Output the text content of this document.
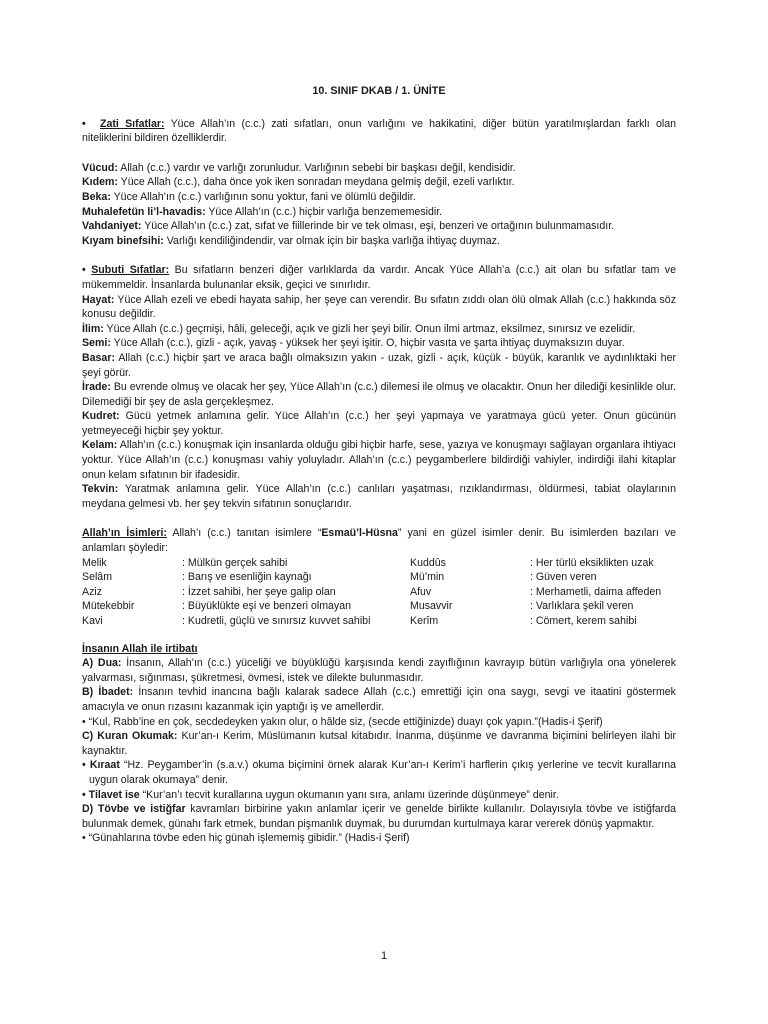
10. SINIF DKAB / 1. ÜNİTE

• Zati Sıfatlar: Yüce Allah’ın (c.c.) zati sıfatları, onun varlığını ve hakikatini, diğer bütün yaratılmışlardan farklı olan niteliklerini bildiren özelliklerdir.

Vücud: Allah (c.c.) vardır ve varlığı zorunludur. Varlığının sebebi bir başkası değil, kendisidir.

Kıdem: Yüce Allah (c.c.), daha önce yok iken sonradan meydana gelmiş değil, ezeli varlıktır.

Beka: Yüce Allah’ın (c.c.) varlığının sonu yoktur, fani ve ölümlü değildir.

Muhalefetün li’l-havadis: Yüce Allah’ın (c.c.) hiçbir varlığa benzememesidir.

Vahdaniyet: Yüce Allah’ın (c.c.) zat, sıfat ve fiillerinde bir ve tek olması, eşi, benzeri ve ortağının bulunmamasıdır.

Kıyam binefsihi: Varlığı kendiliğindendir, var olmak için bir başka varlığa ihtiyaç duymaz.

• Subuti Sıfatlar: Bu sıfatların benzeri diğer varlıklarda da vardır. Ancak Yüce Allah’a (c.c.) ait olan bu sıfatlar tam ve mükemmeldir. İnsanlarda bulunanlar eksik, geçici ve sınırlıdır.

Hayat: Yüce Allah ezeli ve ebedi hayata sahip, her şeye can verendir. Bu sıfatın zıddı olan ölü olmak Allah (c.c.) hakkında söz konusu değildir.

İlim: Yüce Allah (c.c.) geçmişi, hâli, geleceği, açık ve gizli her şeyi bilir. Onun ilmi artmaz, eksilmez, sınırsız ve ezelidir.

Semi: Yüce Allah (c.c.), gizli - açık, yavaş - yüksek her şeyi işitir. O, hiçbir vasıta ve şarta ihtiyaç duymaksızın duyar.

Basar: Allah (c.c.) hiçbir şart ve araca bağlı olmaksızın yakın - uzak, gizli - açık, küçük - büyük, karanlık ve aydınlıktaki her şeyi görür.

İrade: Bu evrende olmuş ve olacak her şey, Yüce Allah’ın (c.c.) dilemesi ile olmuş ve olacaktır. Onun her dilediği kesinlikle olur. Dilemediği bir şey de asla gerçekleşmez.

Kudret: Gücü yetmek anlamına gelir. Yüce Allah’ın (c.c.) her şeyi yapmaya ve yaratmaya gücü yeter. Onun gücünün yetmeyeceği hiçbir şey yoktur.

Kelam: Allah’ın (c.c.) konuşmak için insanlarda olduğu gibi hiçbir harfe, sese, yazıya ve konuşmayı sağlayan organlara ihtiyacı yoktur. Yüce Allah’ın (c.c.) konuşması vahiy yoluyladır. Allah’ın (c.c.) peygamberlere bildirdiği vahiyler, indirdiği ilahi kitaplar onun kelam sıfatının bir ifadesidir.

Tekvin: Yaratmak anlamına gelir. Yüce Allah’ın (c.c.) canlıları yaşatması, rızıklandırması, öldürmesi, tabiat olaylarının meydana gelmesi vb. her şey tekvin sıfatının sonuçlarıdır.

Allah’ın İsimleri: Allah’ı (c.c.) tanıtan isimlere “Esmaü’l-Hüsna” yani en güzel isimler denir. Bu isimlerden bazıları ve anlamları şöyledir:

Melik	: Mülkün gerçek sahibi	Kuddûs	: Her türlü eksiklikten uzak
Selâm	: Barış ve esenliğin kaynağı	Mü’min	: Güven veren
Aziz	: İzzet sahibi, her şeye galip olan	Afuv	: Merhametli, daima affeden
Mütekebbir	: Büyüklükte eşi ve benzeri olmayan	Musavvir	: Varlıklara şekil veren
Kavi	: Kudretli, güçlü ve sınırsız kuvvet sahibi	Kerîm	: Cömert, kerem sahibi

İnsanın Allah ile irtibatı

A) Dua: İnsanın, Allah’ın (c.c.) yüceliği ve büyüklüğü karşısında kendi zayıflığının kavrayıp bütün varlığıyla ona yönelerek yalvarması, sığınması, şükretmesi, övmesi, istek ve dilekte bulunmasıdır.

B) İbadet: İnsanın tevhid inancına bağlı kalarak sadece Allah (c.c.) emrettiği için ona saygı, sevgi ve itaatini göstermek amacıyla ve onun rızasını kazanmak için yaptığı iş ve amellerdir.

• “Kul, Rabb’ine en çok, secdedeyken yakın olur, o hâlde siz, (secde ettiğinizde) duayı çok yapın.”(Hadis-i Şerif)

C) Kuran Okumak: Kur’an-ı Kerim, Müslümanın kutsal kitabıdır. İnanma, düşünme ve davranma biçimini belirleyen ilahi bir kaynaktır.

• Kıraat “Hz. Peygamber’in (s.a.v.) okuma biçimini örnek alarak Kur’an-ı Kerim’i harflerin çıkış yerlerine ve tecvit kurallarına uygun olarak okumaya” denir.

• Tilavet ise “Kur’an’ı tecvit kurallarına uygun okumanın yanı sıra, anlamı üzerinde düşünmeye” denir.

D) Tövbe ve istiğfar kavramları birbirine yakın anlamlar içerir ve genelde birlikte kullanılır. Dolayısıyla tövbe ve istiğfarda bulunmak demek, günahı fark etmek, bundan pişmanlık duymak, bu durumdan kurtulmaya karar vererek dönüş yapmaktır.

• “Günahlarına tövbe eden hiç günah işlememiş gibidir.” (Hadis-i Şerif)

1
